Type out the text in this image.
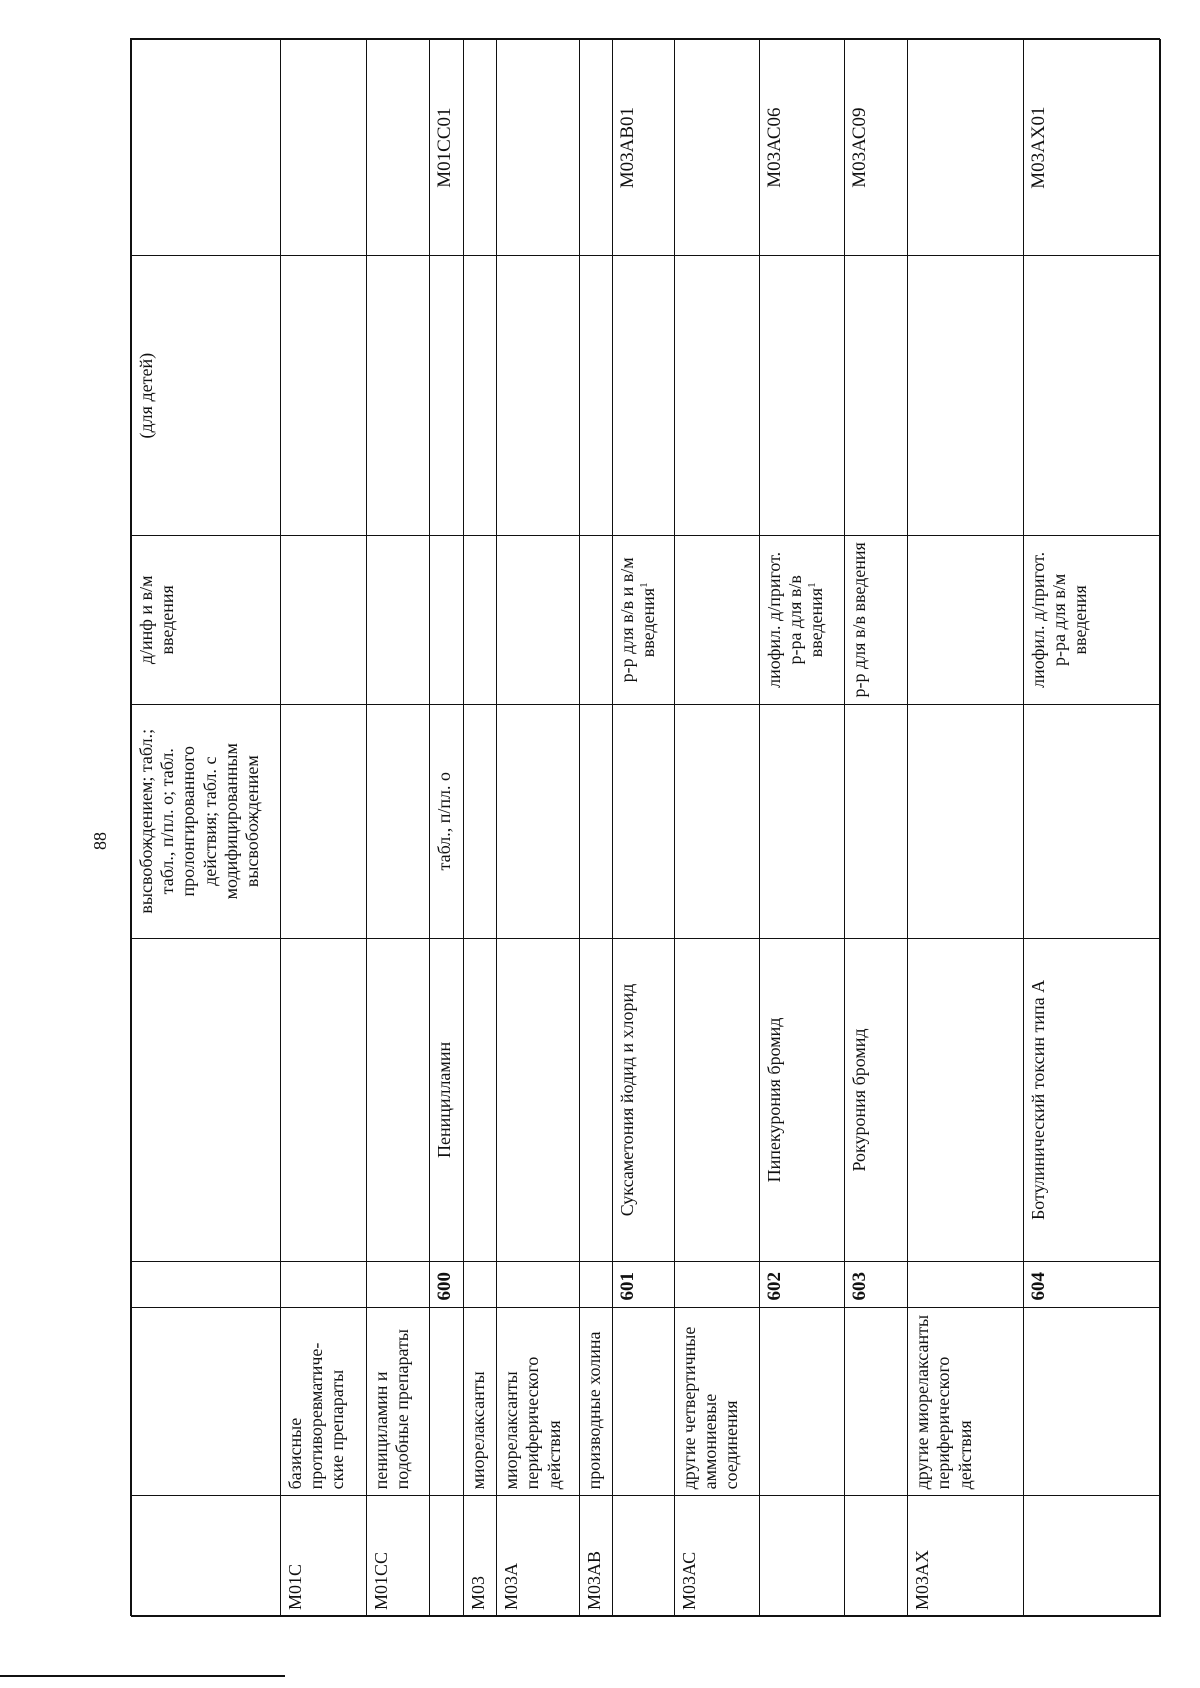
88
					высвобождением; табл.; табл., п/пл. о; табл. пролонгированного действия; табл. с модифицированным высвобождением	д/инф и в/м введения	(для детей)	
М01С	базисные противоревматиче-ские препараты						
М01СС	пенициламин и подобные препараты						
		600	Пеницилламин	табл., п/пл. о			М01СС01
М03	миорелаксанты						
М03А	миорелаксанты периферического действия						
М03АВ	производные холина						
		601	Суксаметония йодид и хлорид		р-р для в/в и в/м введения$^1$		М03АВ01
М03АС	другие четвертичные аммониевые соединения						
		602	Пипекурония бромид		лиофил. д/пригот. р-ра для в/в введения$^1$		М03АС06
		603	Рокурония бромид		р-р для в/в введения		М03АС09
М03АХ	другие миорелаксанты периферического действия						
		604	Ботулинический токсин типа А		лиофил. д/пригот. р-ра для в/м введения		М03АХ01
